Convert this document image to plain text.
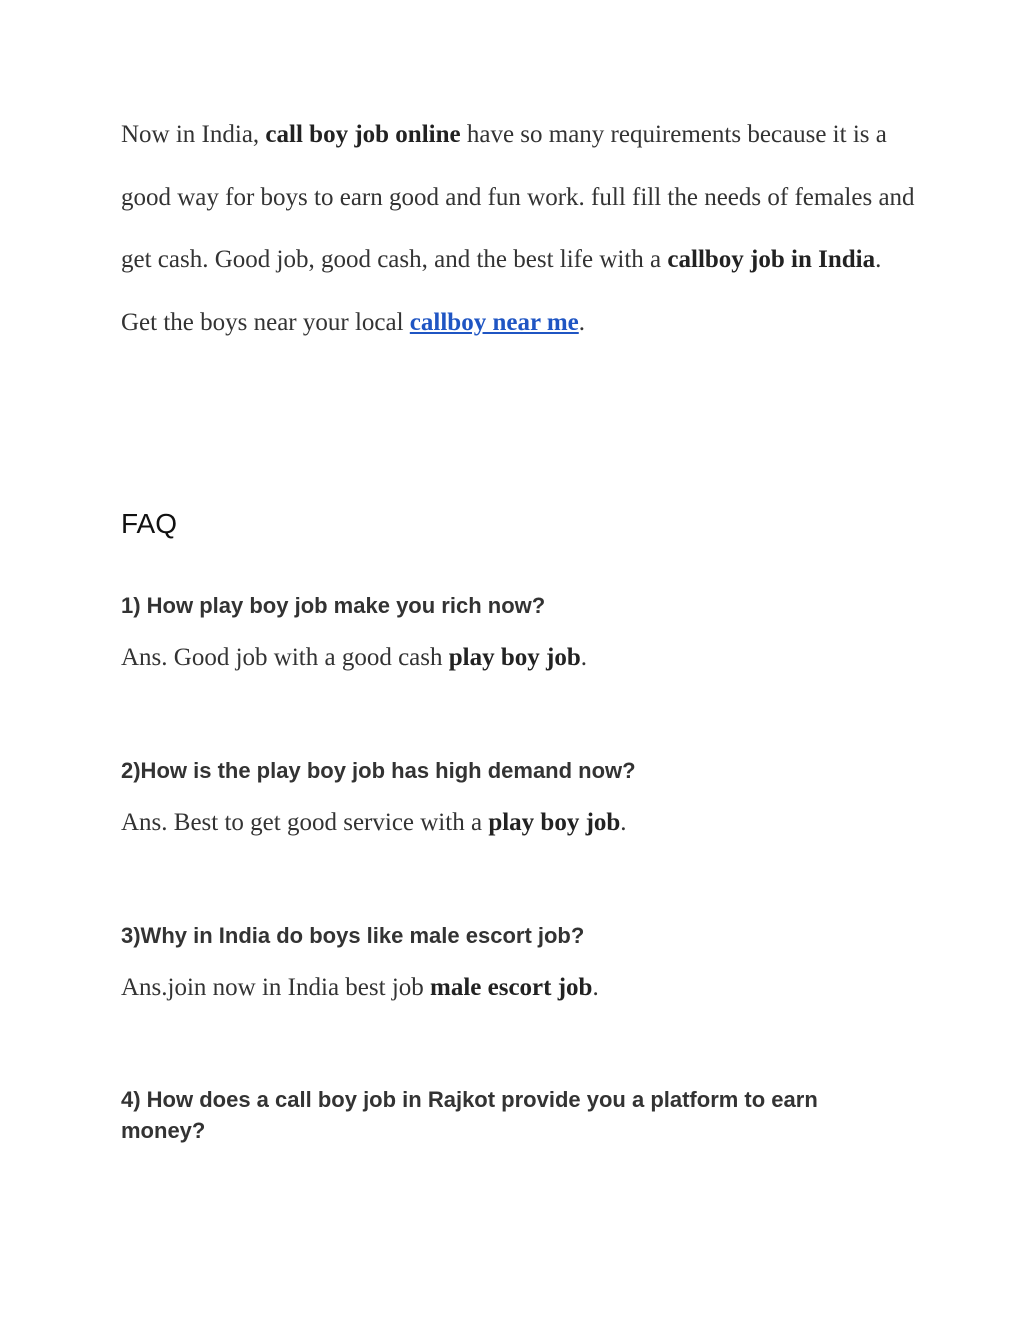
Now in India, call boy job online have so many requirements because it is a good way for boys to earn good and fun work. full fill the needs of females and get cash. Good job, good cash, and the best life with a callboy job in India. Get the boys near your local callboy near me.

FAQ
1) How play boy job make you rich now?

Ans. Good job with a good cash play boy job.

2)How is the play boy job has high demand now?

Ans. Best to get good service with a play boy job.

3)Why in India do boys like male escort job?

Ans.join now in India best job male escort job.

4) How does a call boy job in Rajkot provide you a platform to earn money?
